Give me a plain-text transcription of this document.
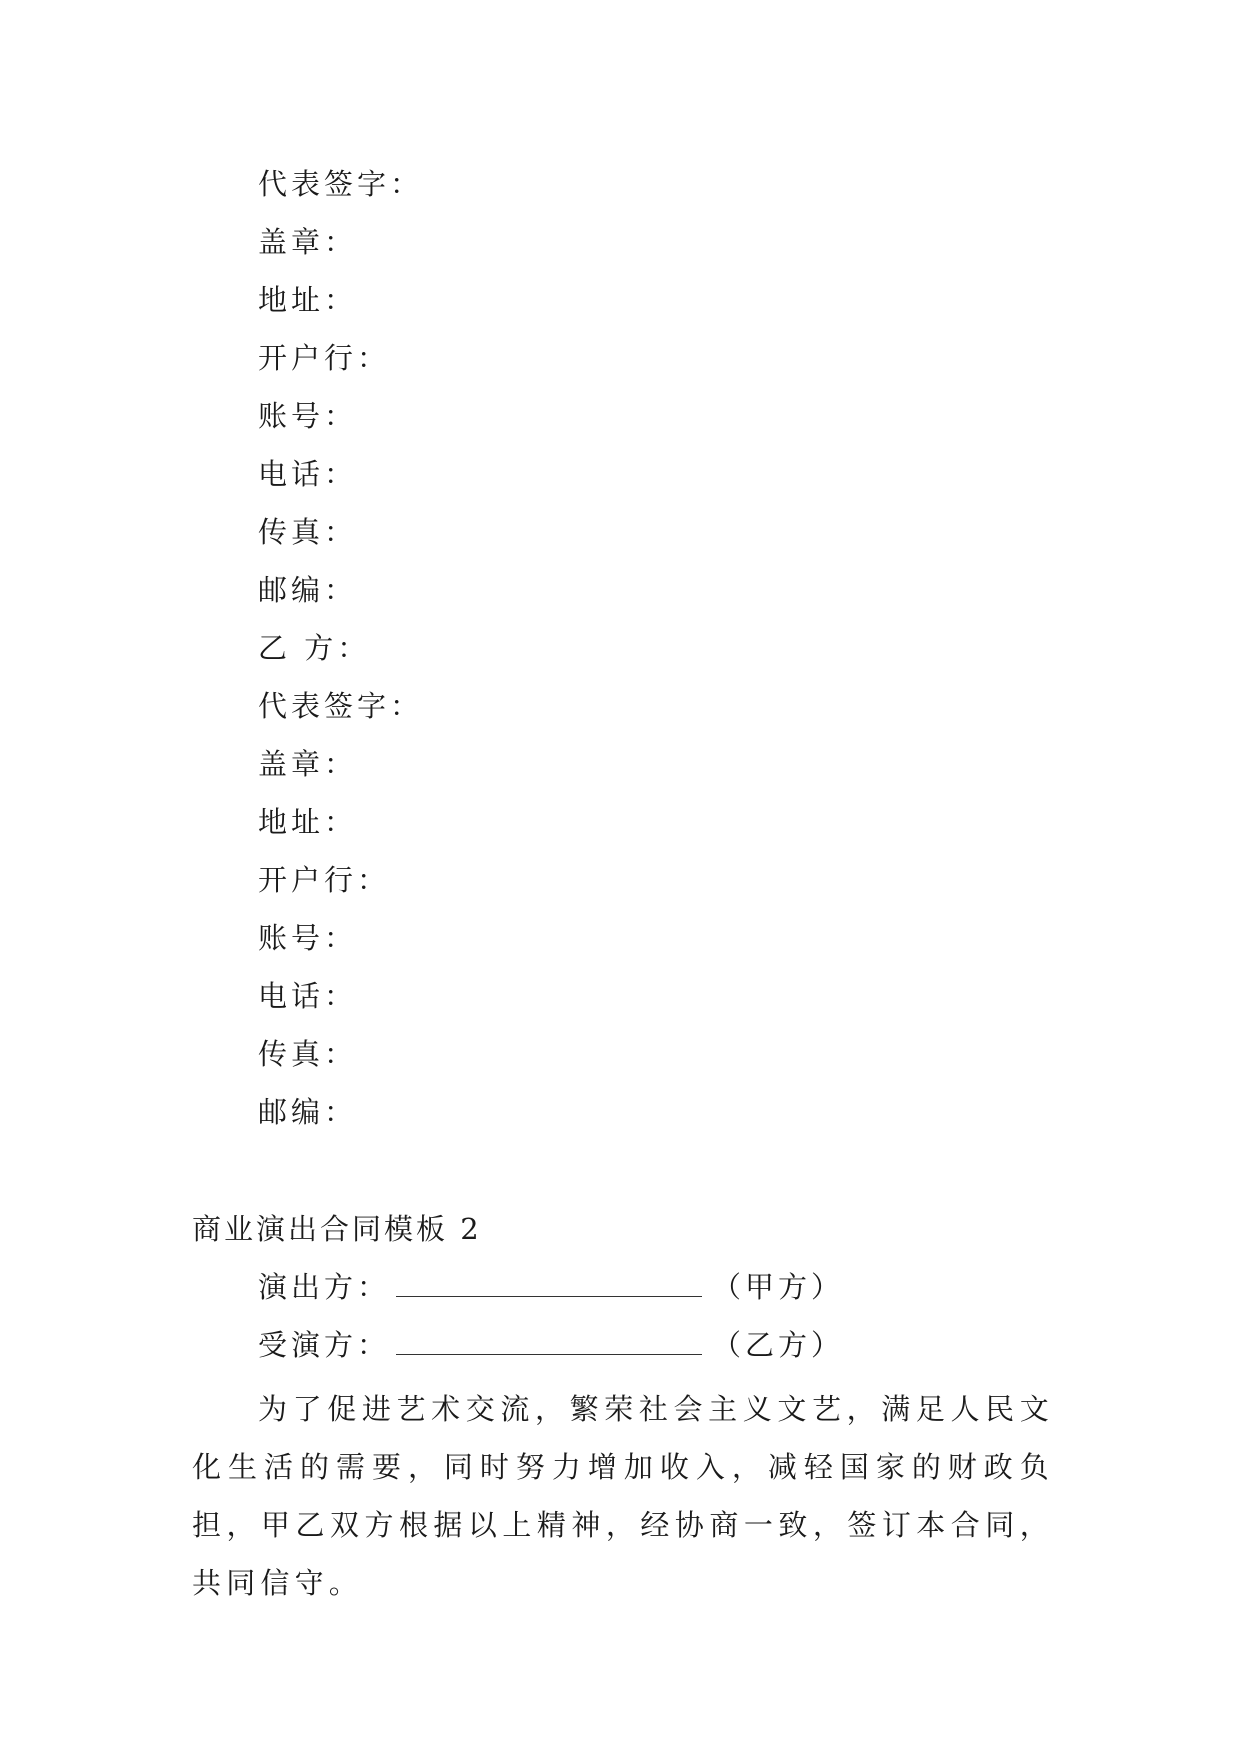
代表签字：
盖章：
地址：
开户行：
账号：
电话：
传真：
邮编：
乙 方：
代表签字：
盖章：
地址：
开户行：
账号：
电话：
传真：
邮编：
商业演出合同模板 2
演出方：	（甲方）
受演方：	（乙方）

为了促进艺术交流，繁荣社会主义文艺，满足人民文化生活的需要，同时努力增加收入，减轻国家的财政负担，甲乙双方根据以上精神，经协商一致，签订本合同，共同信守。
